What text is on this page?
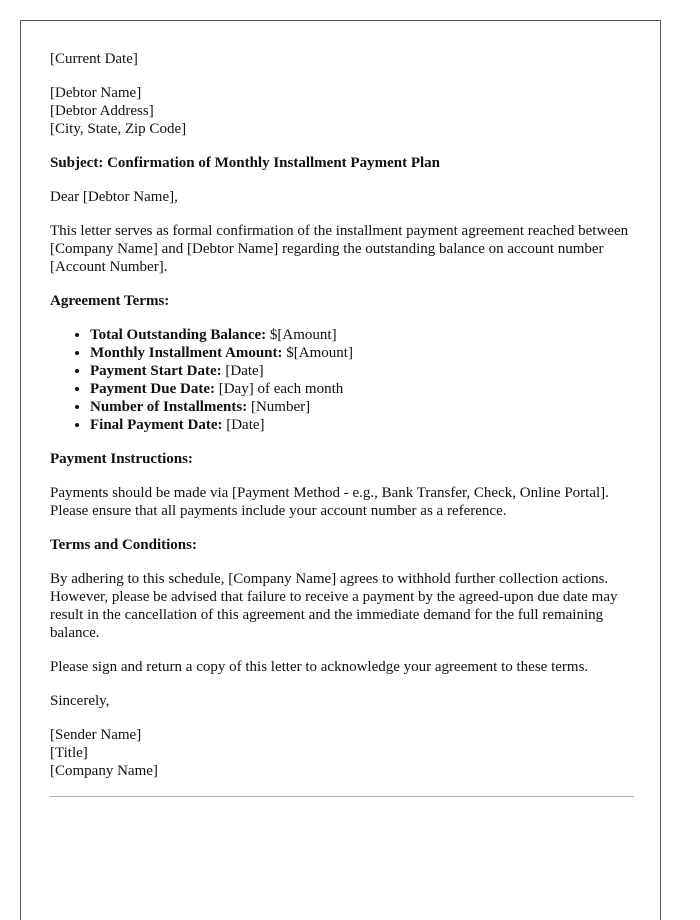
[Current Date]

[Debtor Name]
[Debtor Address]
[City, State, Zip Code]

Subject: Confirmation of Monthly Installment Payment Plan

Dear [Debtor Name],

This letter serves as formal confirmation of the installment payment agreement reached between [Company Name] and [Debtor Name] regarding the outstanding balance on account number [Account Number].

Agreement Terms:

• Total Outstanding Balance: $[Amount]
• Monthly Installment Amount: $[Amount]
• Payment Start Date: [Date]
• Payment Due Date: [Day] of each month
• Number of Installments: [Number]
• Final Payment Date: [Date]

Payment Instructions:

Payments should be made via [Payment Method - e.g., Bank Transfer, Check, Online Portal]. Please ensure that all payments include your account number as a reference.

Terms and Conditions:

By adhering to this schedule, [Company Name] agrees to withhold further collection actions. However, please be advised that failure to receive a payment by the agreed-upon due date may result in the cancellation of this agreement and the immediate demand for the full remaining balance.

Please sign and return a copy of this letter to acknowledge your agreement to these terms.

Sincerely,

[Sender Name]
[Title]
[Company Name]
